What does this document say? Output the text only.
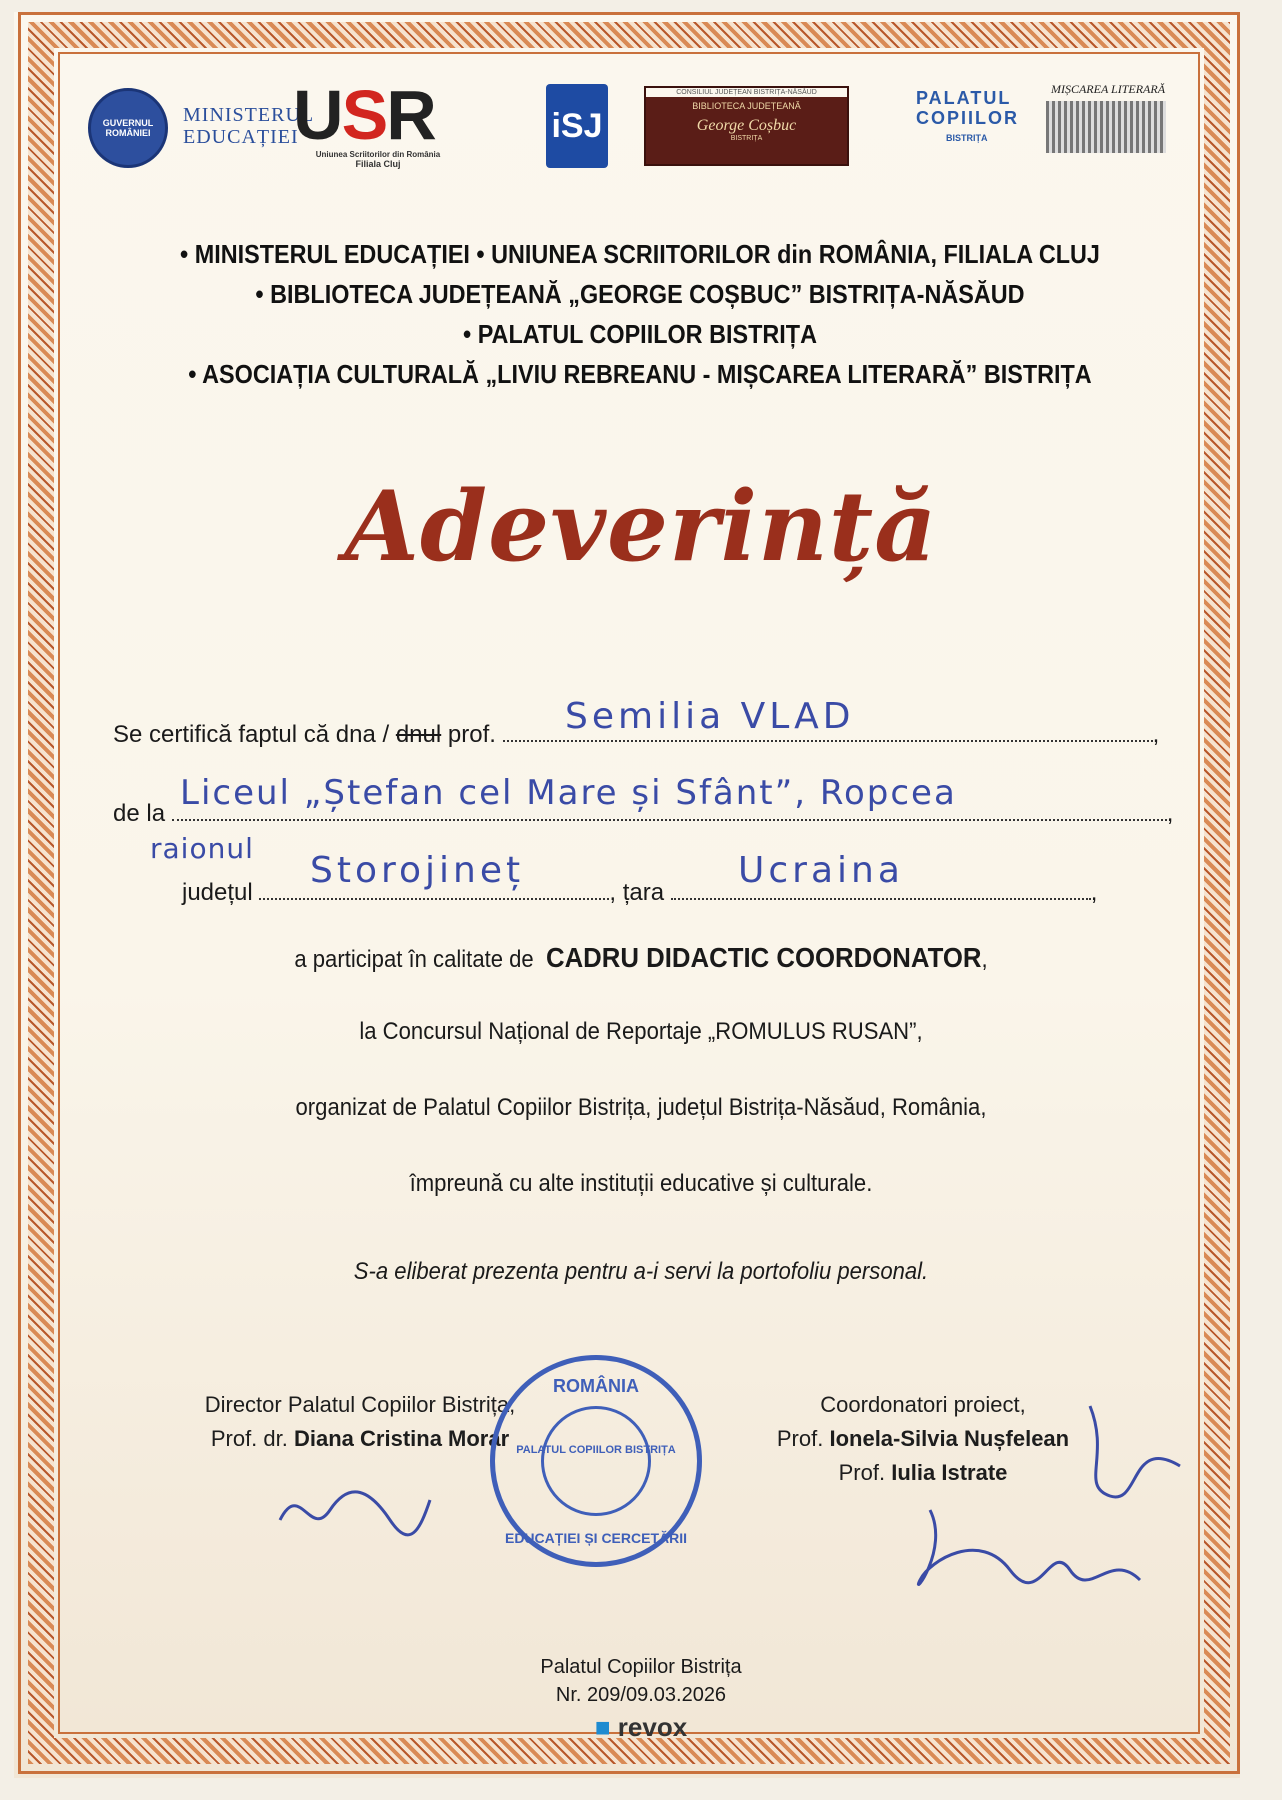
GUVERNUL ROMÂNIEI
MINISTERUL
EDUCAȚIEI
USR
Uniunea Scriitorilor din România
Filiala Cluj
iSJ
CONSILIUL JUDEȚEAN BISTRIȚA-NĂSĂUD
BIBLIOTECA JUDEȚEANĂ
George Coșbuc
BISTRIȚA
PALATUL
COPIILOR
BISTRIȚA
MIȘCAREA LITERARĂ
• MINISTERUL EDUCAȚIEI • UNIUNEA SCRIITORILOR din ROMÂNIA, FILIALA CLUJ
• BIBLIOTECA JUDEȚEANĂ „GEORGE COȘBUC” BISTRIȚA-NĂSĂUD
• PALATUL COPIILOR BISTRIȚA
• ASOCIAȚIA CULTURALĂ „LIVIU REBREANU - MIȘCAREA LITERARĂ” BISTRIȚA
Adeverință
Se certifică faptul că dna / dnul prof.	,
Semilia VLAD
de la	,
Liceul „Ștefan cel Mare și Sfânt”, Ropcea
raionul
județul	, țara	,
Storojineț	Ucraina
a participat în calitate de CADRU DIDACTIC COORDONATOR,
la Concursul Național de Reportaje „ROMULUS RUSAN”,
organizat de Palatul Copiilor Bistrița, județul Bistrița-Năsăud, România,
împreună cu alte instituții educative și culturale.
S-a eliberat prezenta pentru a-i servi la portofoliu personal.
Director Palatul Copiilor Bistrița,
Prof. dr. Diana Cristina Morar
Coordonatori proiect,
Prof. Ionela-Silvia Nușfelean
Prof. Iulia Istrate
ROMÂNIA
PALATUL COPIILOR BISTRIȚA
EDUCAȚIEI ȘI CERCETĂRII
Palatul Copiilor Bistrița
Nr. 209/09.03.2026
■ revox
